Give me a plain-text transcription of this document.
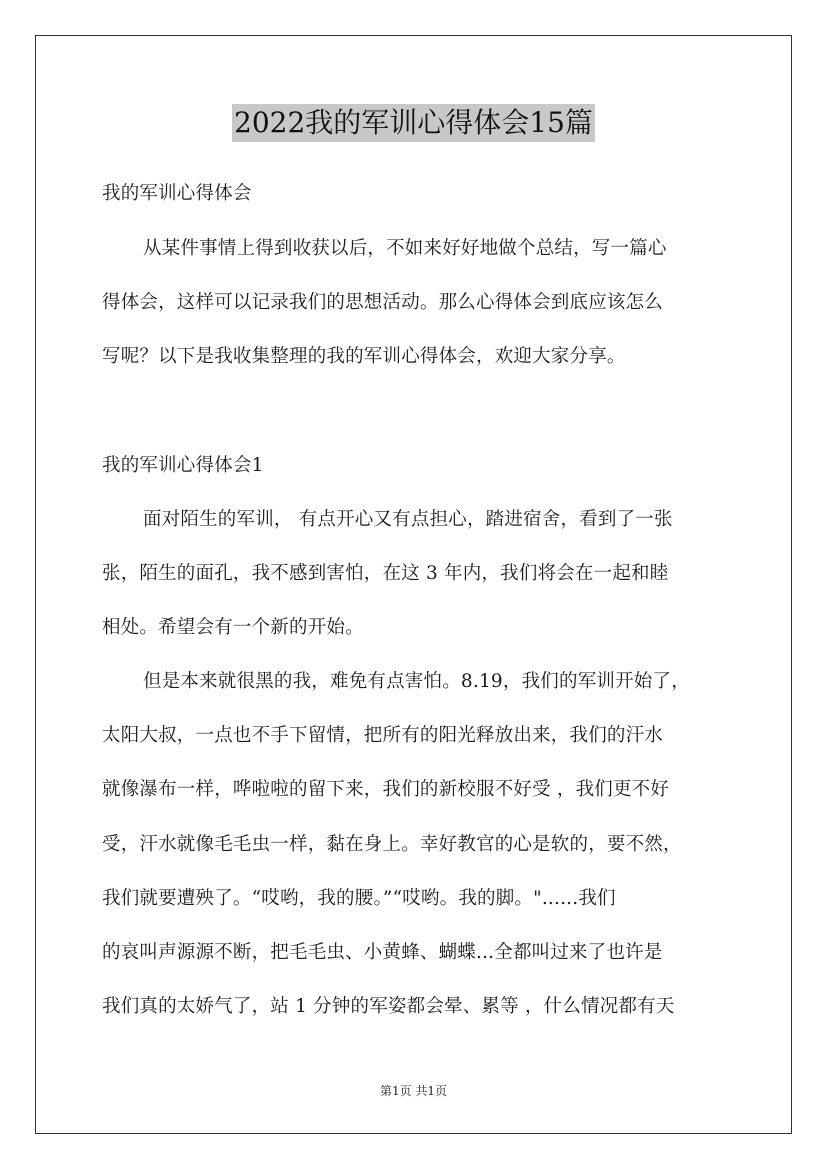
2022我的军训心得体会15篇
我的军训心得体会
从某件事情上得到收获以后，不如来好好地做个总结，写一篇心
得体会，这样可以记录我们的思想活动。那么心得体会到底应该怎么
写呢？以下是我收集整理的我的军训心得体会，欢迎大家分享。
我的军训心得体会1
面对陌生的军训， 有点开心又有点担心，踏进宿舍，看到了一张
张，陌生的面孔，我不感到害怕，在这 3 年内，我们将会在一起和睦
相处。希望会有一个新的开始。
但是本来就很黑的我，难免有点害怕。8.19，我们的军训开始了，
太阳大叔，一点也不手下留情，把所有的阳光释放出来，我们的汗水
就像瀑布一样，哗啦啦的留下来，我们的新校服不好受 ，我们更不好
受，汗水就像毛毛虫一样，黏在身上。幸好教官的心是软的，要不然，
我们就要遭殃了。“哎哟，我的腰。”“哎哟。我的脚。"......我们
的哀叫声源源不断，把毛毛虫、小黄蜂、蝴蝶...全都叫过来了也许是
我们真的太娇气了，站 1 分钟的军姿都会晕、累等 ，什么情况都有天
第1页 共1页
